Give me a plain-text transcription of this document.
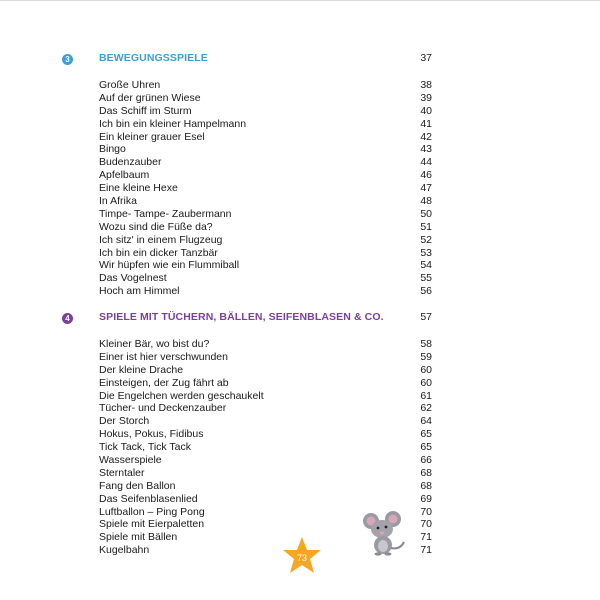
3	BEWEGUNGSSPIELE	37
Große Uhren	38
Auf der grünen Wiese	39
Das Schiff im Sturm	40
Ich bin ein kleiner Hampelmann	41
Ein kleiner grauer Esel	42
Bingo	43
Budenzauber	44
Apfelbaum	46
Eine kleine Hexe	47
In Afrika	48
Timpe- Tampe- Zaubermann	50
Wozu sind die Füße da?	51
Ich sitz' in einem Flugzeug	52
Ich bin ein dicker Tanzbär	53
Wir hüpfen wie ein Flummiball	54
Das Vogelnest	55
Hoch am Himmel	56
4	SPIELE MIT TÜCHERN, BÄLLEN, SEIFENBLASEN & CO.	57
Kleiner Bär, wo bist du?	58
Einer ist hier verschwunden	59
Der kleine Drache	60
Einsteigen, der Zug fährt ab	60
Die Engelchen werden geschaukelt	61
Tücher- und Deckenzauber	62
Der Storch	64
Hokus, Pokus, Fidibus	65
Tick Tack, Tick Tack	65
Wasserspiele	66
Sterntaler	68
Fang den Ballon	68
Das Seifenblasenlied	69
Luftballon – Ping Pong	70
Spiele mit Eierpaletten	70
Spiele mit Bällen	71
Kugelbahn	71
73
